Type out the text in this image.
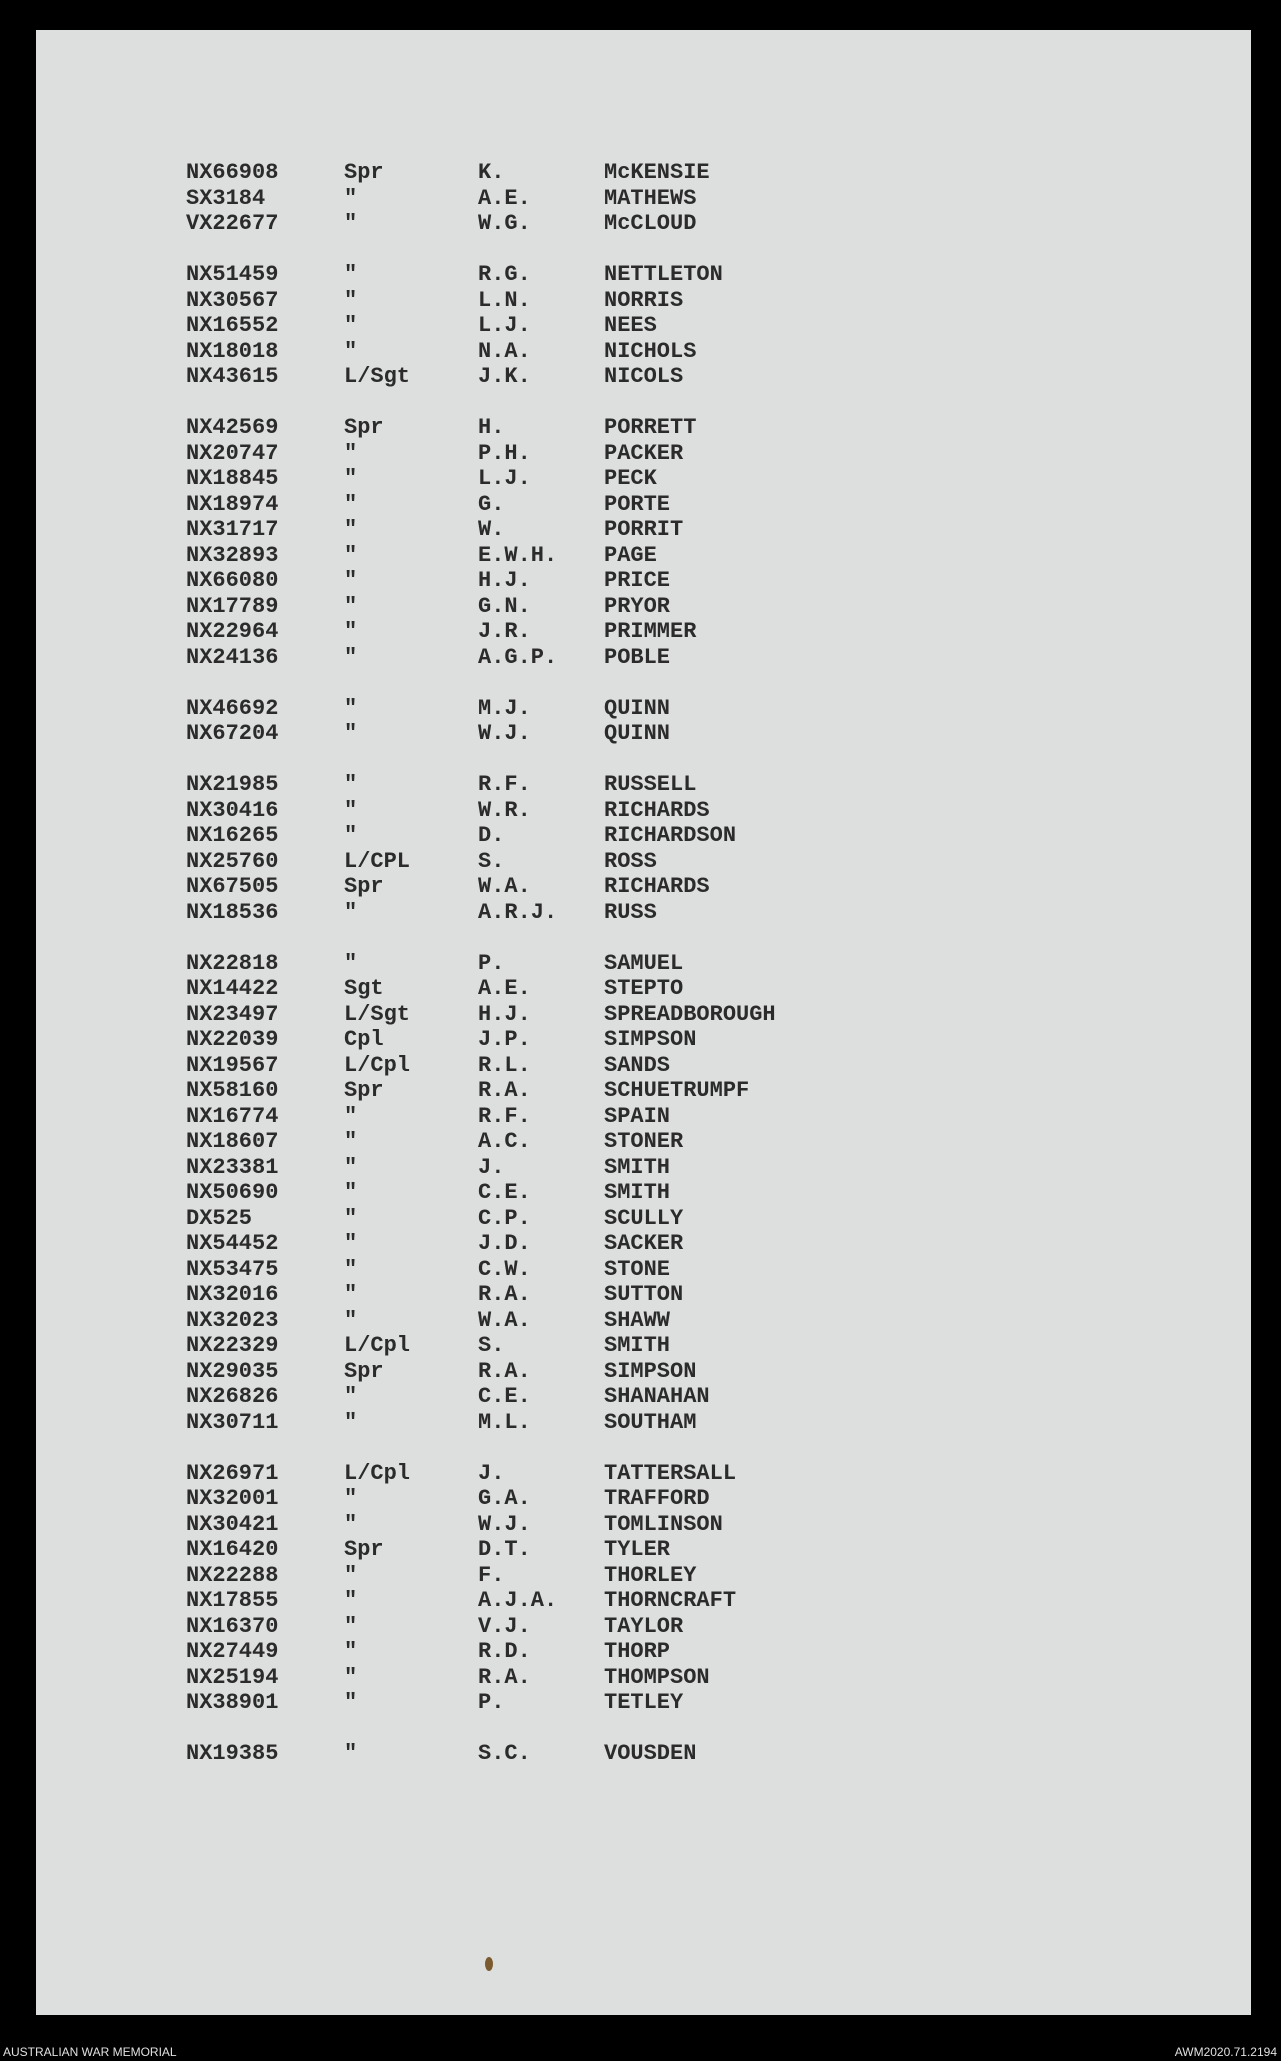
NX66908	Spr	K.	McKENSIE
SX3184	"	A.E.	MATHEWS
VX22677	"	W.G.	McCLOUD
NX51459	"	R.G.	NETTLETON
NX30567	"	L.N.	NORRIS
NX16552	"	L.J.	NEES
NX18018	"	N.A.	NICHOLS
NX43615	L/Sgt	J.K.	NICOLS
NX42569	Spr	H.	PORRETT
NX20747	"	P.H.	PACKER
NX18845	"	L.J.	PECK
NX18974	"	G.	PORTE
NX31717	"	W.	PORRIT
NX32893	"	E.W.H. PAGE
NX66080	"	H.J.	PRICE
NX17789	"	G.N.	PRYOR
NX22964	"	J.R.	PRIMMER
NX24136	"	A.G.P. POBLE
NX46692	"	M.J.	QUINN
NX67204	"	W.J.	QUINN
NX21985	"	R.F.	RUSSELL
NX30416	"	W.R.	RICHARDS
NX16265	"	D.	RICHARDSON
NX25760	L/CPL	S.	ROSS
NX67505	Spr	W.A.	RICHARDS
NX18536	"	A.R.J. RUSS
NX22818	"	P.	SAMUEL
NX14422	Sgt	A.E.	STEPTO
NX23497	L/Sgt	H.J.	SPREADBOROUGH
NX22039	Cpl	J.P.	SIMPSON
NX19567	L/Cpl	R.L.	SANDS
NX58160	Spr	R.A.	SCHUETRUMPF
NX16774	"	R.F.	SPAIN
NX18607	"	A.C.	STONER
NX23381	"	J.	SMITH
NX50690	"	C.E.	SMITH
DX525	"	C.P.	SCULLY
NX54452	"	J.D.	SACKER
NX53475	"	C.W.	STONE
NX32016	"	R.A.	SUTTON
NX32023	"	W.A.	SHAWW
NX22329	L/Cpl	S.	SMITH
NX29035	Spr	R.A.	SIMPSON
NX26826	"	C.E.	SHANAHAN
NX30711	"	M.L.	SOUTHAM
NX26971	L/Cpl	J.	TATTERSALL
NX32001	"	G.A.	TRAFFORD
NX30421	"	W.J.	TOMLINSON
NX16420	Spr	D.T.	TYLER
NX22288	"	F.	THORLEY
NX17855	"	A.J.A. THORNCRAFT
NX16370	"	V.J.	TAYLOR
NX27449	"	R.D.	THORP
NX25194	"	R.A.	THOMPSON
NX38901	"	P.	TETLEY
NX19385	"	S.C.	VOUSDEN
AUSTRALIAN WAR MEMORIAL	AWM2020.71.2194
